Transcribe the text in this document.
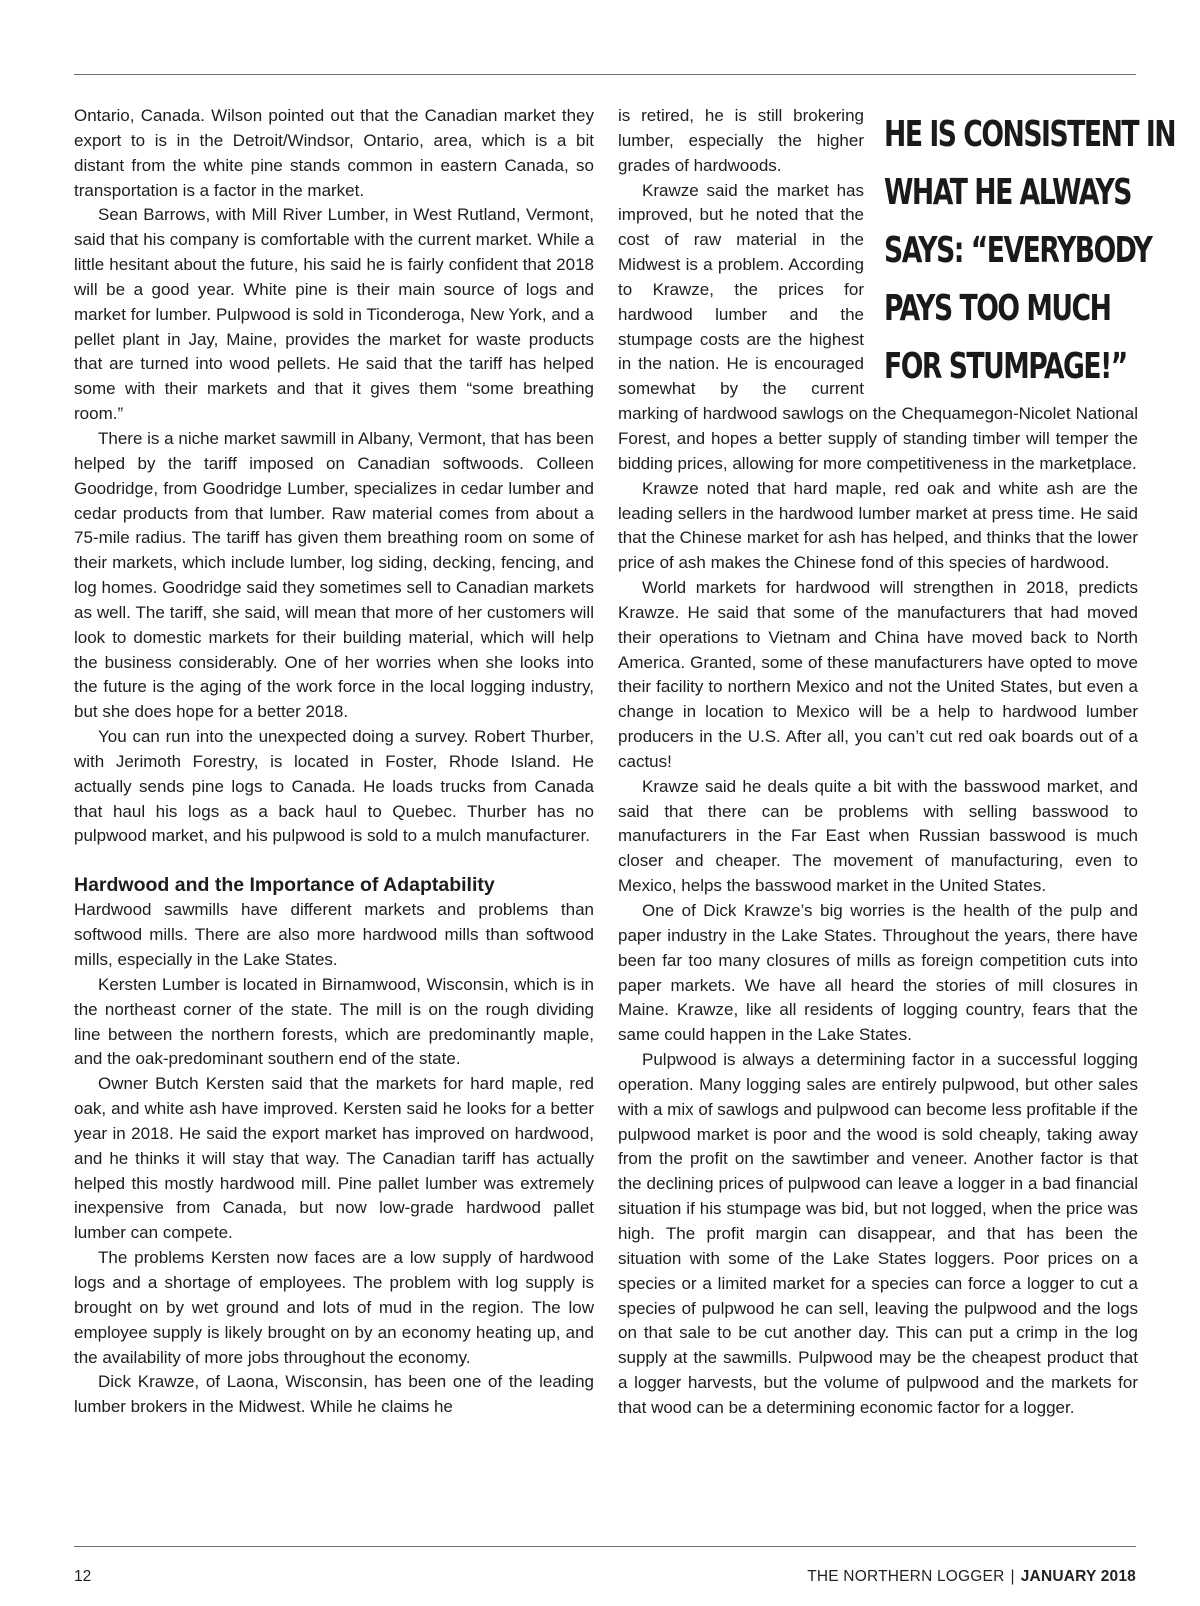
Ontario, Canada. Wilson pointed out that the Canadian market they export to is in the Detroit/Windsor, Ontario, area, which is a bit distant from the white pine stands common in eastern Canada, so transportation is a factor in the market.

Sean Barrows, with Mill River Lumber, in West Rutland, Vermont, said that his company is comfortable with the current market. While a little hesitant about the future, his said he is fairly confident that 2018 will be a good year. White pine is their main source of logs and market for lumber. Pulpwood is sold in Ticonderoga, New York, and a pellet plant in Jay, Maine, provides the market for waste products that are turned into wood pellets. He said that the tariff has helped some with their markets and that it gives them “some breathing room.”

There is a niche market sawmill in Albany, Vermont, that has been helped by the tariff imposed on Canadian softwoods. Colleen Goodridge, from Goodridge Lumber, specializes in cedar lumber and cedar products from that lumber. Raw material comes from about a 75-mile radius. The tariff has given them breathing room on some of their markets, which include lumber, log siding, decking, fencing, and log homes. Goodridge said they sometimes sell to Canadian markets as well. The tariff, she said, will mean that more of her customers will look to domestic markets for their building material, which will help the business considerably. One of her worries when she looks into the future is the aging of the work force in the local logging industry, but she does hope for a better 2018.

You can run into the unexpected doing a survey. Robert Thurber, with Jerimoth Forestry, is located in Foster, Rhode Island. He actually sends pine logs to Canada. He loads trucks from Canada that haul his logs as a back haul to Quebec. Thurber has no pulpwood market, and his pulpwood is sold to a mulch manufacturer.

Hardwood and the Importance of Adaptability

Hardwood sawmills have different markets and problems than softwood mills. There are also more hardwood mills than softwood mills, especially in the Lake States.

Kersten Lumber is located in Birnamwood, Wisconsin, which is in the northeast corner of the state. The mill is on the rough dividing line between the northern forests, which are predominantly maple, and the oak-predominant southern end of the state.

Owner Butch Kersten said that the markets for hard maple, red oak, and white ash have improved. Kersten said he looks for a better year in 2018. He said the export market has improved on hardwood, and he thinks it will stay that way. The Canadian tariff has actually helped this mostly hardwood mill. Pine pallet lumber was extremely inexpensive from Canada, but now low-grade hardwood pallet lumber can compete.

The problems Kersten now faces are a low supply of hardwood logs and a shortage of employees. The problem with log supply is brought on by wet ground and lots of mud in the region. The low employee supply is likely brought on by an economy heating up, and the availability of more jobs throughout the economy.

Dick Krawze, of Laona, Wisconsin, has been one of the leading lumber brokers in the Midwest. While he claims he

HE IS CONSISTENT IN
WHAT HE ALWAYS
SAYS: “EVERYBODY
PAYS TOO MUCH
FOR STUMPAGE!”

is retired, he is still brokering lumber, especially the higher grades of hardwoods.

Krawze said the market has improved, but he noted that the cost of raw material in the Midwest is a problem. According to Krawze, the prices for hardwood lumber and the stumpage costs are the highest in the nation. He is encouraged somewhat by the current marking of hardwood sawlogs on the Chequamegon-Nicolet National Forest, and hopes a better supply of standing timber will temper the bidding prices, allowing for more competitiveness in the marketplace.

Krawze noted that hard maple, red oak and white ash are the leading sellers in the hardwood lumber market at press time. He said that the Chinese market for ash has helped, and thinks that the lower price of ash makes the Chinese fond of this species of hardwood.

World markets for hardwood will strengthen in 2018, predicts Krawze. He said that some of the manufacturers that had moved their operations to Vietnam and China have moved back to North America. Granted, some of these manufacturers have opted to move their facility to northern Mexico and not the United States, but even a change in location to Mexico will be a help to hardwood lumber producers in the U.S. After all, you can’t cut red oak boards out of a cactus!

Krawze said he deals quite a bit with the basswood market, and said that there can be problems with selling basswood to manufacturers in the Far East when Russian basswood is much closer and cheaper. The movement of manufacturing, even to Mexico, helps the basswood market in the United States.

One of Dick Krawze’s big worries is the health of the pulp and paper industry in the Lake States. Throughout the years, there have been far too many closures of mills as foreign competition cuts into paper markets. We have all heard the stories of mill closures in Maine. Krawze, like all residents of logging country, fears that the same could happen in the Lake States.

Pulpwood is always a determining factor in a successful logging operation. Many logging sales are entirely pulpwood, but other sales with a mix of sawlogs and pulpwood can become less profitable if the pulpwood market is poor and the wood is sold cheaply, taking away from the profit on the sawtimber and veneer. Another factor is that the declining prices of pulpwood can leave a logger in a bad financial situation if his stumpage was bid, but not logged, when the price was high. The profit margin can disappear, and that has been the situation with some of the Lake States loggers. Poor prices on a species or a limited market for a species can force a logger to cut a species of pulpwood he can sell, leaving the pulpwood and the logs on that sale to be cut another day. This can put a crimp in the log supply at the sawmills. Pulpwood may be the cheapest product that a logger harvests, but the volume of pulpwood and the markets for that wood can be a determining economic factor for a logger.

12	THE NORTHERN LOGGER | JANUARY 2018
